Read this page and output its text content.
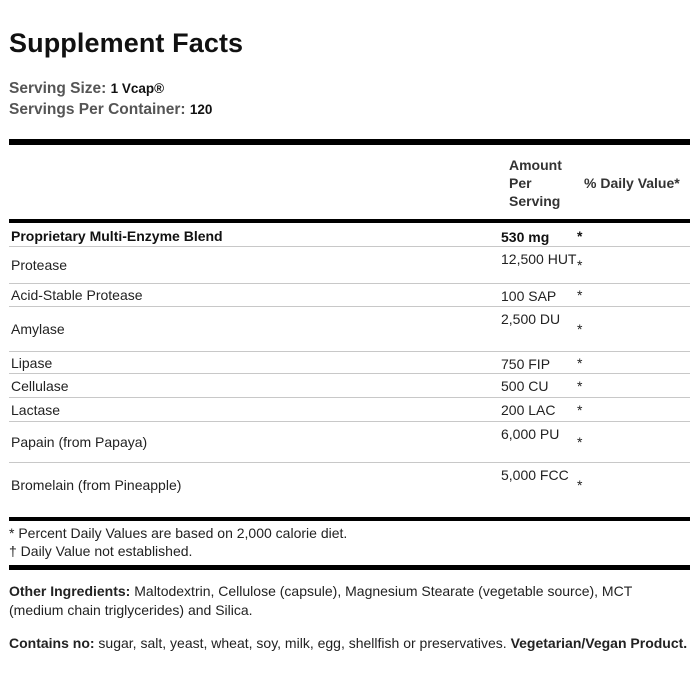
Supplement Facts
Serving Size: 1 Vcap®
Servings Per Container: 120
Amount
Per
Serving
% Daily Value*
Proprietary Multi-Enzyme Blend	530 mg	*
Protease	12,500 HUT	*
Acid-Stable Protease	100 SAP	*
Amylase	2,500 DU	*
Lipase	750 FIP	*
Cellulase	500 CU	*
Lactase	200 LAC	*
Papain (from Papaya)	6,000 PU	*
Bromelain (from Pineapple)	5,000 FCC	*
* Percent Daily Values are based on 2,000 calorie diet.
† Daily Value not established.
Other Ingredients: Maltodextrin, Cellulose (capsule), Magnesium Stearate (vegetable source), MCT (medium chain triglycerides) and Silica.
Contains no: sugar, salt, yeast, wheat, soy, milk, egg, shellfish or preservatives. Vegetarian/Vegan Product.
